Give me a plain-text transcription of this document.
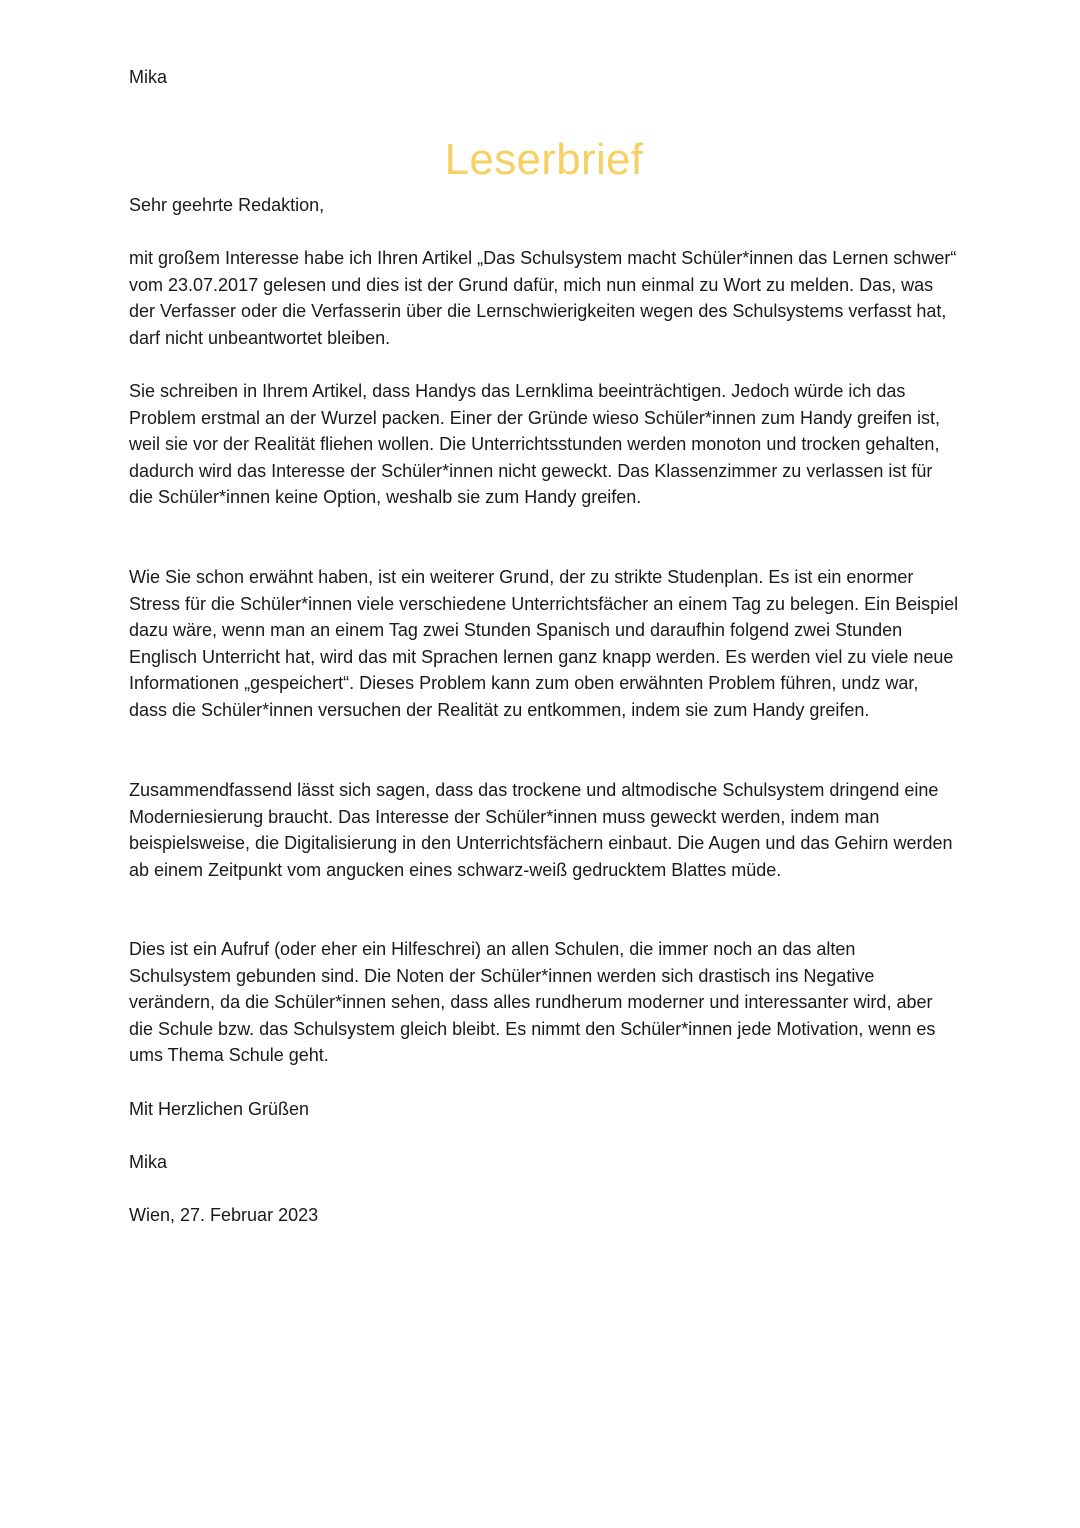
Mika
Leserbrief
Sehr geehrte Redaktion,

mit großem Interesse habe ich Ihren Artikel „Das Schulsystem macht Schüler*innen das Lernen schwer“ vom 23.07.2017 gelesen und dies ist der Grund dafür, mich nun einmal zu Wort zu melden. Das, was der Verfasser oder die Verfasserin über die Lernschwierigkeiten wegen des Schulsystems verfasst hat, darf nicht unbeantwortet bleiben.

Sie schreiben in Ihrem Artikel, dass Handys das Lernklima beeinträchtigen. Jedoch würde ich das Problem erstmal an der Wurzel packen. Einer der Gründe wieso Schüler*innen zum Handy greifen ist, weil sie vor der Realität fliehen wollen. Die Unterrichtsstunden werden monoton und trocken gehalten, dadurch wird das Interesse der Schüler*innen nicht geweckt. Das Klassenzimmer zu verlassen ist für die Schüler*innen keine Option, weshalb sie zum Handy greifen.

Wie Sie schon erwähnt haben, ist ein weiterer Grund, der zu strikte Studenplan. Es ist ein enormer Stress für die Schüler*innen viele verschiedene Unterrichtsfächer an einem Tag zu belegen. Ein Beispiel dazu wäre, wenn man an einem Tag zwei Stunden Spanisch und daraufhin folgend zwei Stunden Englisch Unterricht hat, wird das mit Sprachen lernen ganz knapp werden. Es werden viel zu viele neue Informationen „gespeichert“. Dieses Problem kann zum oben erwähnten Problem führen, undz war, dass die Schüler*innen versuchen der Realität zu entkommen, indem sie zum Handy greifen.

Zusammendfassend lässt sich sagen, dass das trockene und altmodische Schulsystem dringend eine Moderniesierung braucht. Das Interesse der Schüler*innen muss geweckt werden, indem man beispielsweise, die Digitalisierung in den Unterrichtsfächern einbaut. Die Augen und das Gehirn werden ab einem Zeitpunkt vom angucken eines schwarz-weiß gedrucktem Blattes müde.

Dies ist ein Aufruf (oder eher ein Hilfeschrei) an allen Schulen, die immer noch an das alten Schulsystem gebunden sind. Die Noten der Schüler*innen werden sich drastisch ins Negative verändern, da die Schüler*innen sehen, dass alles rundherum moderner und interessanter wird, aber die Schule bzw. das Schulsystem gleich bleibt. Es nimmt den Schüler*innen jede Motivation, wenn es ums Thema Schule geht.

Mit Herzlichen Grüßen
Mika
Wien, 27. Februar 2023
